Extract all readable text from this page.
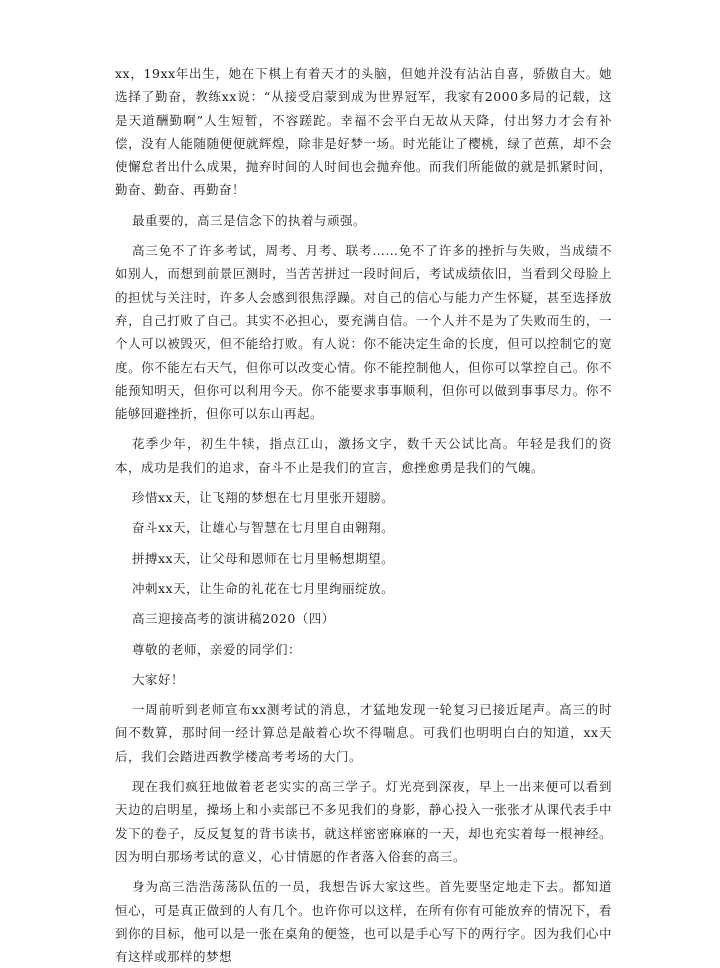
xx，19xx年出生，她在下棋上有着天才的头脑，但她并没有沾沾自喜，骄傲自大。她选择了勤奋，教练xx说：“从接受启蒙到成为世界冠军，我家有2000多局的记载，这是天道酬勤啊”人生短暂，不容蹉跎。幸福不会平白无故从天降，付出努力才会有补偿，没有人能随随便便就辉煌，除非是好梦一场。时光能让了樱桃，绿了芭蕉，却不会使懈怠者出什么成果，抛弃时间的人时间也会抛弃他。而我们所能做的就是抓紧时间，勤奋、勤奋、再勤奋！

最重要的，高三是信念下的执着与顽强。

高三免不了许多考试，周考、月考、联考……免不了许多的挫折与失败，当成绩不如别人，而想到前景叵测时，当苦苦拼过一段时间后，考试成绩依旧，当看到父母脸上的担忧与关注时，许多人会感到很焦浮躁。对自己的信心与能力产生怀疑，甚至选择放弃，自己打败了自己。其实不必担心，要充满自信。一个人并不是为了失败而生的，一个人可以被毁灭，但不能给打败。有人说：你不能决定生命的长度，但可以控制它的宽度。你不能左右天气，但你可以改变心情。你不能控制他人，但你可以掌控自己。你不能预知明天，但你可以利用今天。你不能要求事事顺利，但你可以做到事事尽力。你不能够回避挫折，但你可以东山再起。

花季少年，初生牛犊，指点江山，激扬文字，数千天公试比高。年轻是我们的资本，成功是我们的追求，奋斗不止是我们的宣言，愈挫愈勇是我们的气魄。

珍惜xx天，让飞翔的梦想在七月里张开翅膀。

奋斗xx天，让雄心与智慧在七月里自由翱翔。

拼搏xx天，让父母和恩师在七月里畅想期望。

冲刺xx天，让生命的礼花在七月里绚丽绽放。

高三迎接高考的演讲稿2020（四）

尊敬的老师，亲爱的同学们：

大家好！

一周前听到老师宣布xx测考试的消息，才猛地发现一轮复习已接近尾声。高三的时间不数算，那时间一经计算总是敲着心坎不得喘息。可我们也明明白白的知道，xx天后，我们会踏进西教学楼高考考场的大门。

现在我们疯狂地做着老老实实的高三学子。灯光亮到深夜，早上一出来便可以看到天边的启明星，操场上和小卖部已不多见我们的身影，静心投入一张张才从课代表手中发下的卷子，反反复复的背书读书，就这样密密麻麻的一天，却也充实着每一根神经。因为明白那场考试的意义，心甘情愿的作者落入俗套的高三。

身为高三浩浩荡荡队伍的一员，我想告诉大家这些。首先要坚定地走下去。都知道恒心，可是真正做到的人有几个。也许你可以这样，在所有你有可能放弃的情况下，看到你的目标，他可以是一张在桌角的便签，也可以是手心写下的两行字。因为我们心中有这样或那样的梦想
